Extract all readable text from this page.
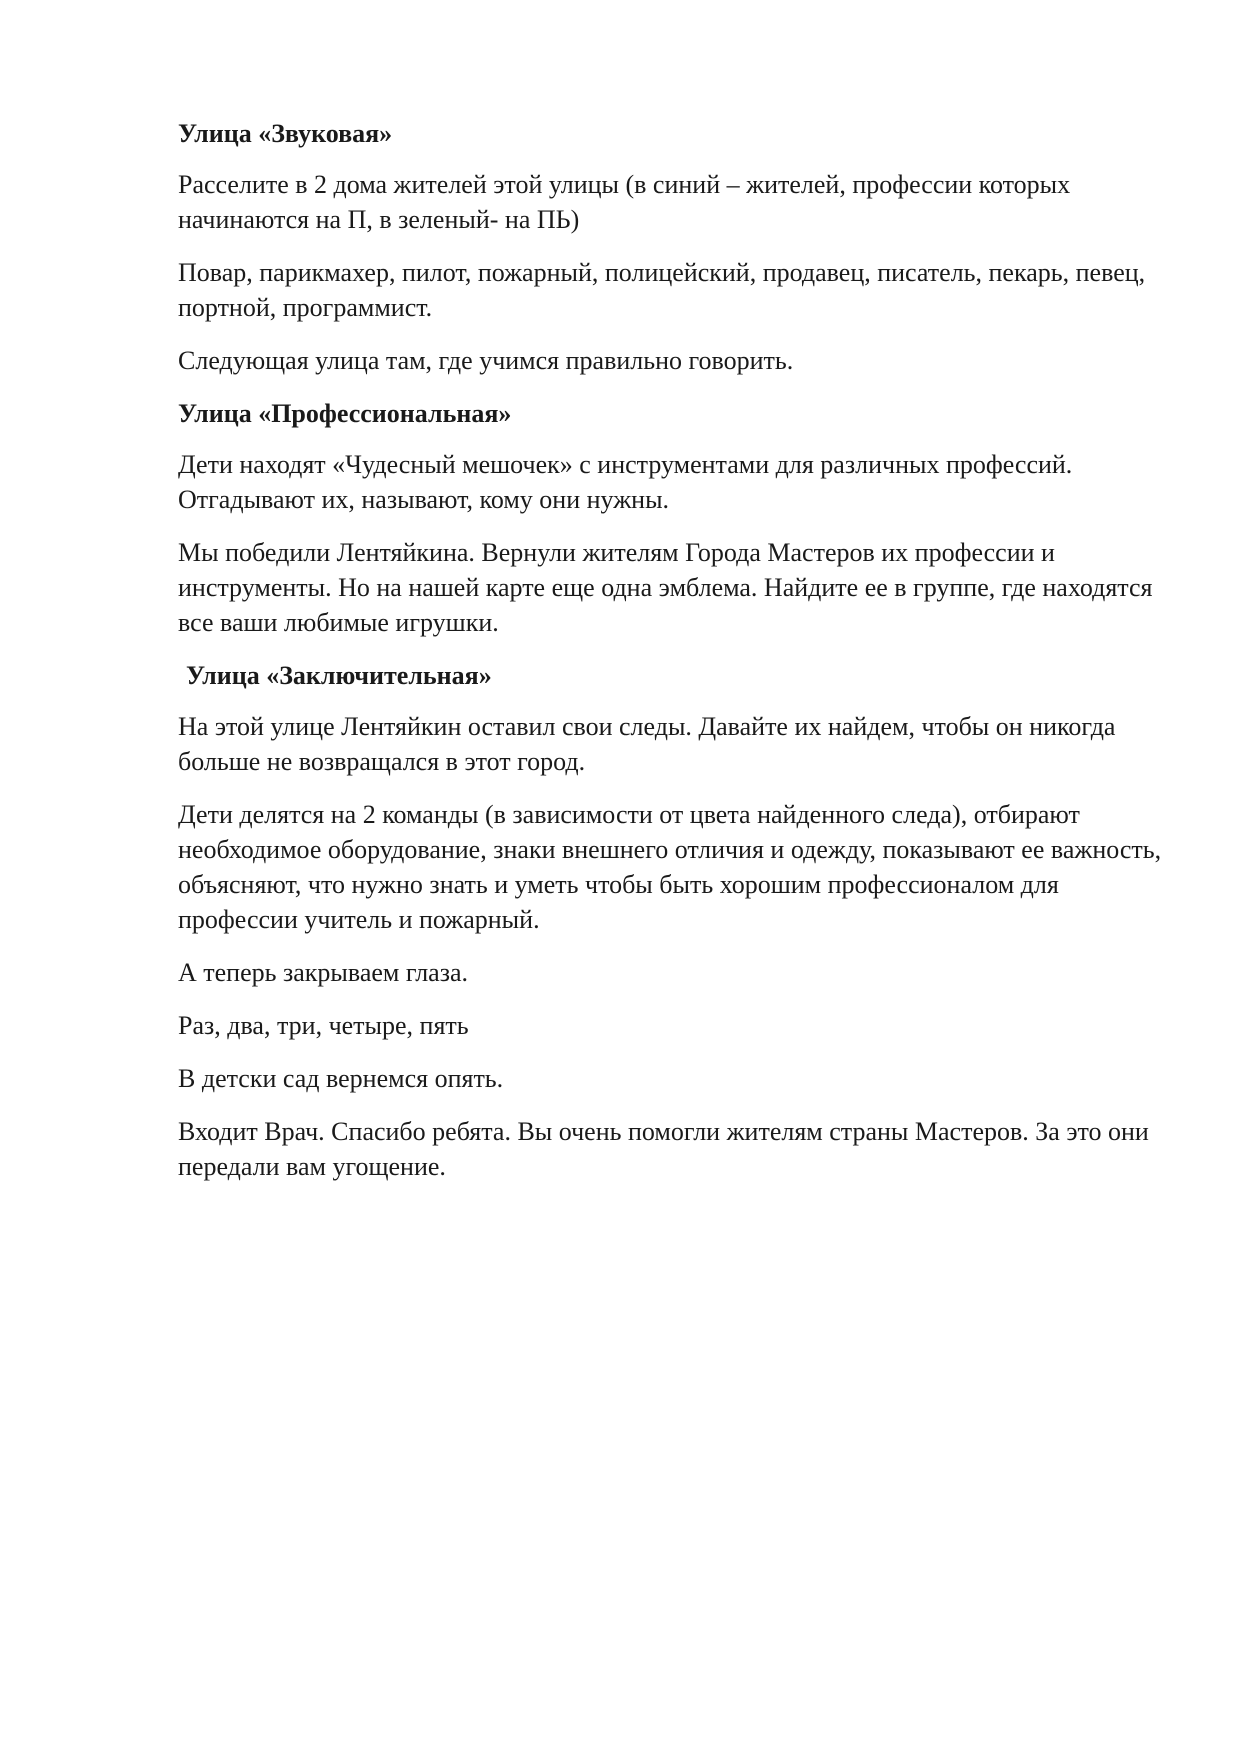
Улица «Звуковая»
Расселите в 2 дома жителей этой улицы (в синий – жителей, профессии которых начинаются на П, в зеленый- на ПЬ)
Повар, парикмахер, пилот, пожарный, полицейский, продавец, писатель, пекарь, певец, портной, программист.
Следующая улица там, где учимся правильно говорить.
Улица «Профессиональная»
Дети находят «Чудесный мешочек» с инструментами для различных профессий. Отгадывают их, называют, кому они нужны.
Мы победили Лентяйкина. Вернули жителям Города Мастеров их профессии и инструменты. Но на нашей карте еще одна эмблема. Найдите ее в группе, где находятся все ваши любимые игрушки.
Улица «Заключительная»
На этой улице Лентяйкин оставил свои следы. Давайте их найдем, чтобы он никогда больше не возвращался в этот город.
Дети делятся на 2 команды (в зависимости от цвета найденного следа), отбирают необходимое оборудование, знаки внешнего отличия и одежду, показывают ее важность, объясняют, что нужно знать и уметь чтобы быть хорошим профессионалом для профессии учитель и пожарный.
А теперь закрываем глаза.
Раз, два, три, четыре, пять
В детски сад вернемся опять.
Входит Врач. Спасибо ребята. Вы очень помогли жителям страны Мастеров. За это они передали вам угощение.
